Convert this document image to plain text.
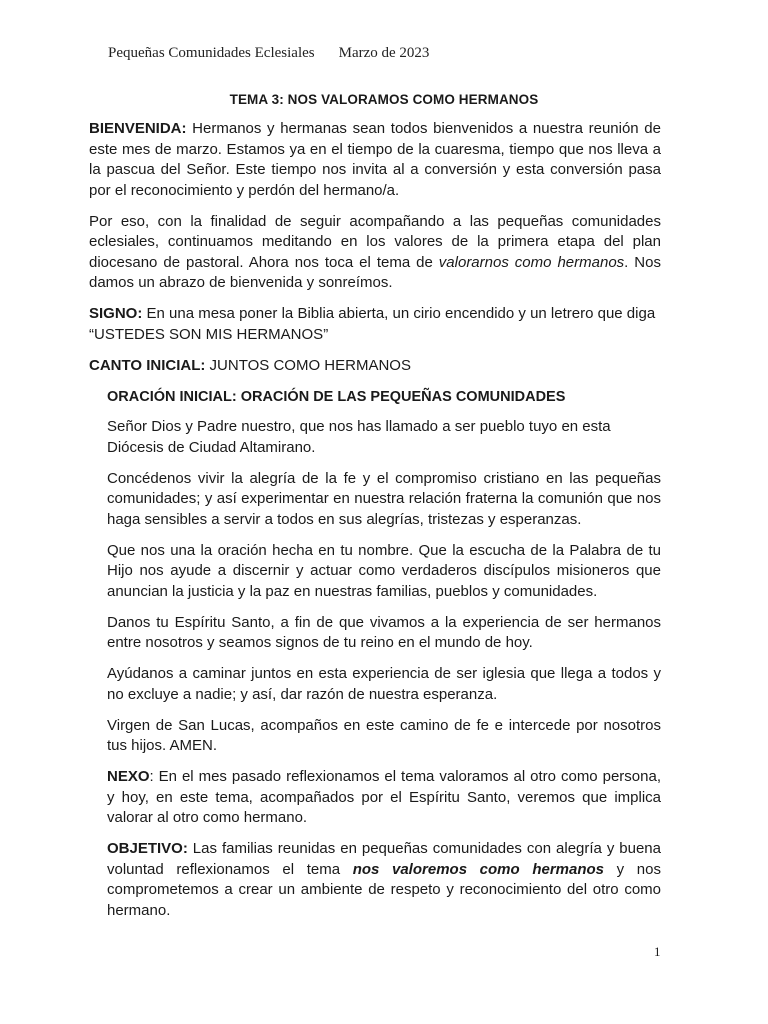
Pequeñas Comunidades Eclesiales Marzo de 2023
TEMA 3: NOS VALORAMOS COMO HERMANOS

BIENVENIDA: Hermanos y hermanas sean todos bienvenidos a nuestra reunión de este mes de marzo. Estamos ya en el tiempo de la cuaresma, tiempo que nos lleva a la pascua del Señor. Este tiempo nos invita al a conversión y esta conversión pasa por el reconocimiento y perdón del hermano/a.

Por eso, con la finalidad de seguir acompañando a las pequeñas comunidades eclesiales, continuamos meditando en los valores de la primera etapa del plan diocesano de pastoral. Ahora nos toca el tema de valorarnos como hermanos. Nos damos un abrazo de bienvenida y sonreímos.

SIGNO: En una mesa poner la Biblia abierta, un cirio encendido y un letrero que diga “USTEDES SON MIS HERMANOS”

CANTO INICIAL: JUNTOS COMO HERMANOS

ORACIÓN INICIAL: ORACIÓN DE LAS PEQUEÑAS COMUNIDADES

Señor Dios y Padre nuestro, que nos has llamado a ser pueblo tuyo en esta Diócesis de Ciudad Altamirano.

Concédenos vivir la alegría de la fe y el compromiso cristiano en las pequeñas comunidades; y así experimentar en nuestra relación fraterna la comunión que nos haga sensibles a servir a todos en sus alegrías, tristezas y esperanzas.

Que nos una la oración hecha en tu nombre. Que la escucha de la Palabra de tu Hijo nos ayude a discernir y actuar como verdaderos discípulos misioneros que anuncian la justicia y la paz en nuestras familias, pueblos y comunidades.

Danos tu Espíritu Santo, a fin de que vivamos a la experiencia de ser hermanos entre nosotros y seamos signos de tu reino en el mundo de hoy.

Ayúdanos a caminar juntos en esta experiencia de ser iglesia que llega a todos y no excluye a nadie; y así, dar razón de nuestra esperanza.

Virgen de San Lucas, acompaños en este camino de fe e intercede por nosotros tus hijos. AMEN.

NEXO: En el mes pasado reflexionamos el tema valoramos al otro como persona, y hoy, en este tema, acompañados por el Espíritu Santo, veremos que implica valorar al otro como hermano.

OBJETIVO: Las familias reunidas en pequeñas comunidades con alegría y buena voluntad reflexionamos el tema nos valoremos como hermanos y nos comprometemos a crear un ambiente de respeto y reconocimiento del otro como hermano.

1
